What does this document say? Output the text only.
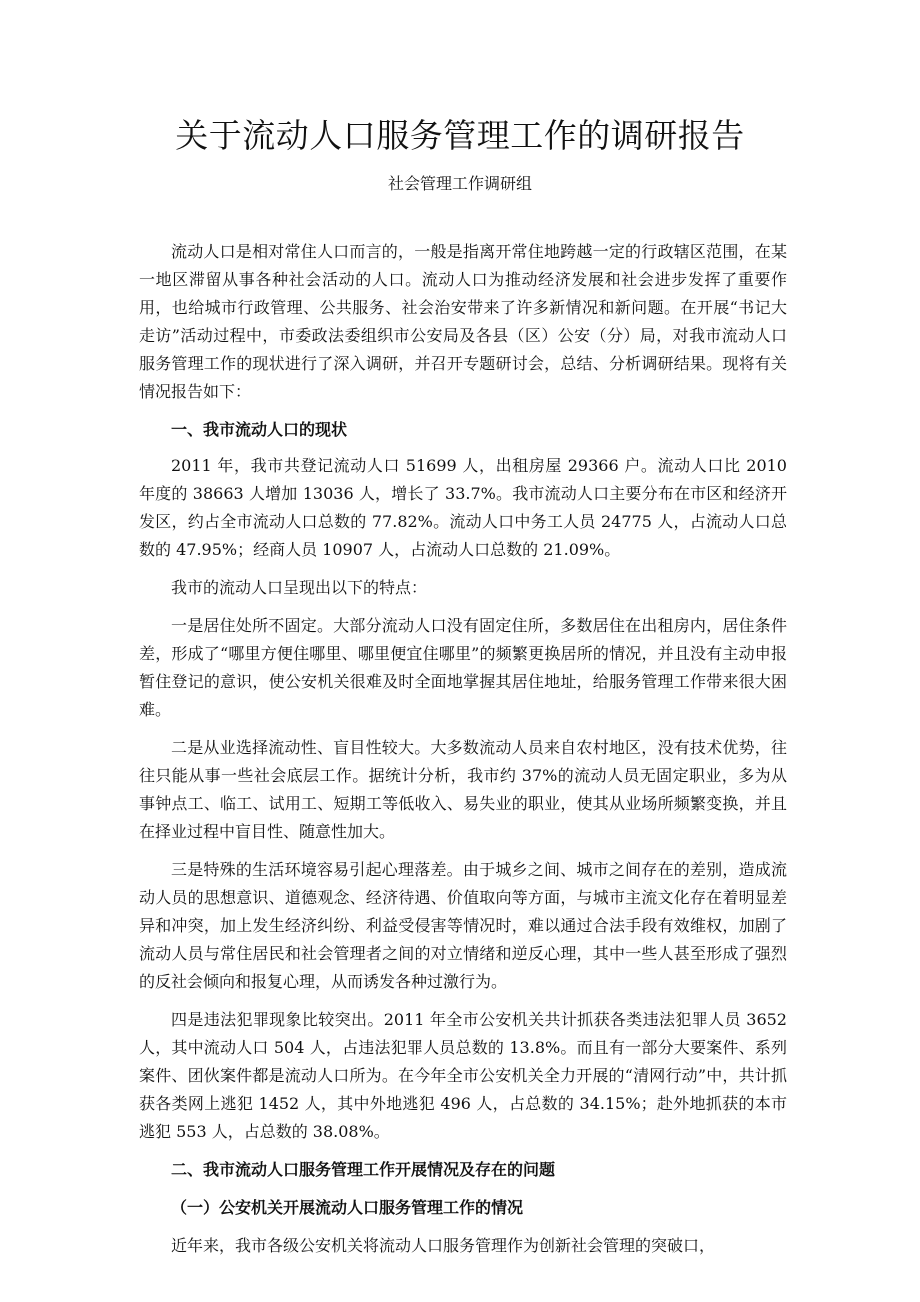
关于流动人口服务管理工作的调研报告
社会管理工作调研组

流动人口是相对常住人口而言的，一般是指离开常住地跨越一定的行政辖区范围，在某一地区滞留从事各种社会活动的人口。流动人口为推动经济发展和社会进步发挥了重要作用，也给城市行政管理、公共服务、社会治安带来了许多新情况和新问题。在开展“书记大走访”活动过程中，市委政法委组织市公安局及各县（区）公安（分）局，对我市流动人口服务管理工作的现状进行了深入调研，并召开专题研讨会，总结、分析调研结果。现将有关情况报告如下：

一、我市流动人口的现状

2011 年，我市共登记流动人口 51699 人，出租房屋 29366 户。流动人口比 2010 年度的 38663 人增加 13036 人，增长了 33.7%。我市流动人口主要分布在市区和经济开发区，约占全市流动人口总数的 77.82%。流动人口中务工人员 24775 人，占流动人口总数的 47.95%；经商人员 10907 人，占流动人口总数的 21.09%。

我市的流动人口呈现出以下的特点：

一是居住处所不固定。大部分流动人口没有固定住所，多数居住在出租房内，居住条件差，形成了“哪里方便住哪里、哪里便宜住哪里”的频繁更换居所的情况，并且没有主动申报暂住登记的意识，使公安机关很难及时全面地掌握其居住地址，给服务管理工作带来很大困难。

二是从业选择流动性、盲目性较大。大多数流动人员来自农村地区，没有技术优势，往往只能从事一些社会底层工作。据统计分析，我市约 37%的流动人员无固定职业，多为从事钟点工、临工、试用工、短期工等低收入、易失业的职业，使其从业场所频繁变换，并且在择业过程中盲目性、随意性加大。

三是特殊的生活环境容易引起心理落差。由于城乡之间、城市之间存在的差别，造成流动人员的思想意识、道德观念、经济待遇、价值取向等方面，与城市主流文化存在着明显差异和冲突，加上发生经济纠纷、利益受侵害等情况时，难以通过合法手段有效维权，加剧了流动人员与常住居民和社会管理者之间的对立情绪和逆反心理，其中一些人甚至形成了强烈的反社会倾向和报复心理，从而诱发各种过激行为。

四是违法犯罪现象比较突出。2011 年全市公安机关共计抓获各类违法犯罪人员 3652 人，其中流动人口 504 人，占违法犯罪人员总数的 13.8%。而且有一部分大要案件、系列案件、团伙案件都是流动人口所为。在今年全市公安机关全力开展的“清网行动”中，共计抓获各类网上逃犯 1452 人，其中外地逃犯 496 人，占总数的 34.15%；赴外地抓获的本市逃犯 553 人，占总数的 38.08%。

二、我市流动人口服务管理工作开展情况及存在的问题

（一）公安机关开展流动人口服务管理工作的情况

近年来，我市各级公安机关将流动人口服务管理作为创新社会管理的突破口，
